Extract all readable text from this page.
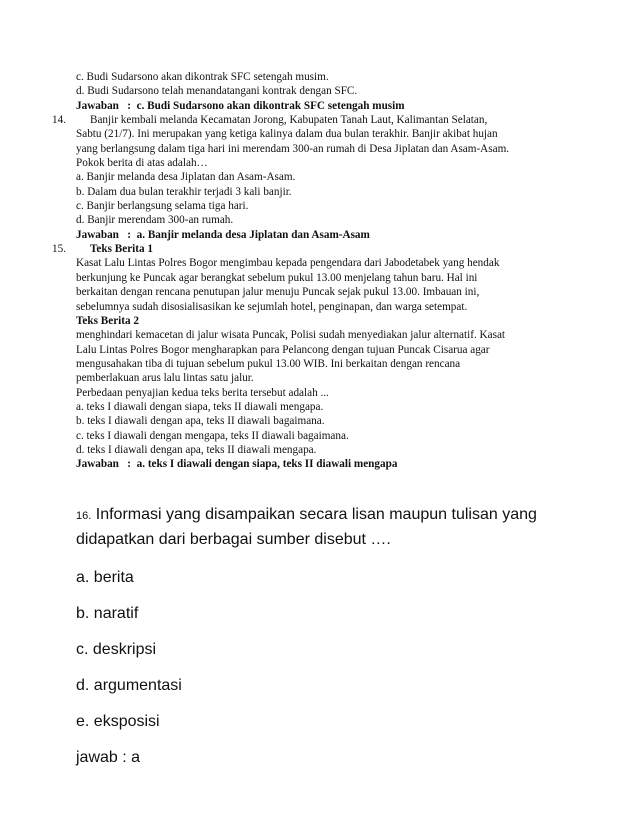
c. Budi Sudarsono akan dikontrak SFC setengah musim.
d. Budi Sudarsono telah menandatangani kontrak dengan SFC.
Jawaban : c. Budi Sudarsono akan dikontrak SFC setengah musim
14. Banjir kembali melanda Kecamatan Jorong, Kabupaten Tanah Laut, Kalimantan Selatan,
Sabtu (21/7). Ini merupakan yang ketiga kalinya dalam dua bulan terakhir. Banjir akibat hujan
yang berlangsung dalam tiga hari ini merendam 300-an rumah di Desa Jiplatan dan Asam-Asam.
Pokok berita di atas adalah…
a. Banjir melanda desa Jiplatan dan Asam-Asam.
b. Dalam dua bulan terakhir terjadi 3 kali banjir.
c. Banjir berlangsung selama tiga hari.
d. Banjir merendam 300-an rumah.
Jawaban : a. Banjir melanda desa Jiplatan dan Asam-Asam
15. Teks Berita 1
Kasat Lalu Lintas Polres Bogor mengimbau kepada pengendara dari Jabodetabek yang hendak
berkunjung ke Puncak agar berangkat sebelum pukul 13.00 menjelang tahun baru. Hal ini
berkaitan dengan rencana penutupan jalur menuju Puncak sejak pukul 13.00. Imbauan ini,
sebelumnya sudah disosialisasikan ke sejumlah hotel, penginapan, dan warga setempat.
Teks Berita 2
menghindari kemacetan di jalur wisata Puncak, Polisi sudah menyediakan jalur alternatif. Kasat
Lalu Lintas Polres Bogor mengharapkan para Pelancong dengan tujuan Puncak Cisarua agar
mengusahakan tiba di tujuan sebelum pukul 13.00 WIB. Ini berkaitan dengan rencana
pemberlakuan arus lalu lintas satu jalur.
Perbedaan penyajian kedua teks berita tersebut adalah ...
a. teks I diawali dengan siapa, teks II diawali mengapa.
b. teks I diawali dengan apa, teks II diawali bagaimana.
c. teks I diawali dengan mengapa, teks II diawali bagaimana.
d. teks I diawali dengan apa, teks II diawali mengapa.
Jawaban : a. teks I diawali dengan siapa, teks II diawali mengapa
16. Informasi yang disampaikan secara lisan maupun tulisan yang
didapatkan dari berbagai sumber disebut ….
a. berita
b. naratif
c. deskripsi
d. argumentasi
e. eksposisi
jawab : a
